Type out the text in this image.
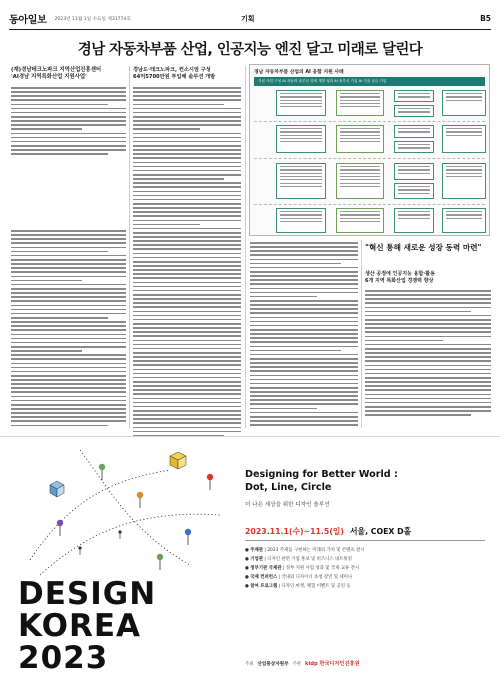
동아일보 2023년 11월 1일 수요일 제31774호	기획	B5
경남 자동차부품 산업, 인공지능 엔진 달고 미래로 달린다
(재)경남테크노파크 지역산업진흥센터
'AI경남 지역특화산업 지원사업'
경남도·테크노파크, 컨소시엄 구성
64억5700만원 투입해 솔루션 개발
경남 자동차부품 산업의 AI 융합 지원 사례
지원 사업 구성 AI 자동화 솔루션 과제 개발 성과 AI 솔루션 기업 AI 기술 공급 기업
"혁신 통해 새로운 성장 동력 마련"
생산 공정에 인공지능 융합·활용
6개 지역 특화산업 경쟁력 향상
DESIGN
KOREA
2023
Designing for Better World :
Dot, Line, Circle
더 나은 세상을 위한 디자인 솔루션
2023.11.1(수)~11.5(일) 서울, COEX D홀
● 주제관 | 2023 주제를 구현하는 미래의 가치 및 콘텐츠 전시
● 기업관 | 디자인 관련 기업 홍보 및 비즈니스 네트워킹
● 정부기관 국제관 | 정부 지원 사업 성과 및 국제 교류 전시
● 국제 컨퍼런스 | 국내외 디자이너 초청 강연 및 세미나
● 참여 프로그램 | 디자인 마켓, 체험 이벤트 및 공연 등
주최 산업통상자원부 주관 kidp 한국디자인진흥원
